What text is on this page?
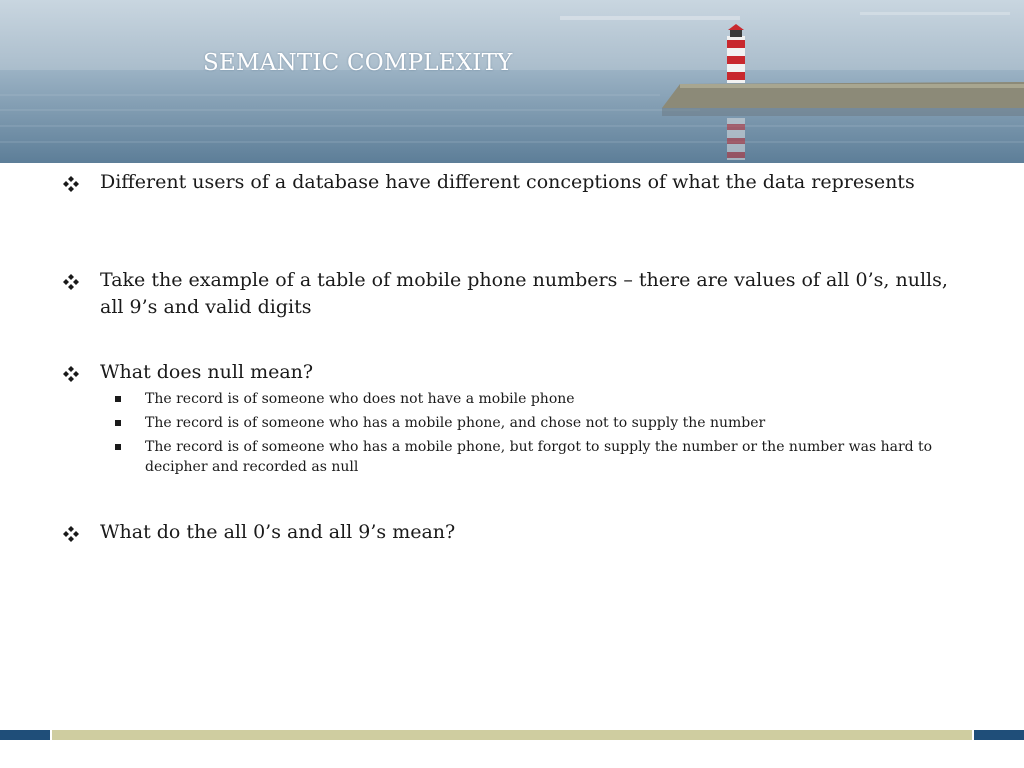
SEMANTIC COMPLEXITY
Different users of a database have different conceptions of what the data represents
Take the example of a table of mobile phone numbers – there are values of all 0’s, nulls, all 9’s and valid digits
What does null mean?
The record is of someone who does not have a mobile phone
The record is of someone who has a mobile phone, and chose not to supply the number
The record is of someone who has a mobile phone, but forgot to supply the number or the number was hard to decipher and recorded as null
What do the all 0’s and all 9’s mean?
